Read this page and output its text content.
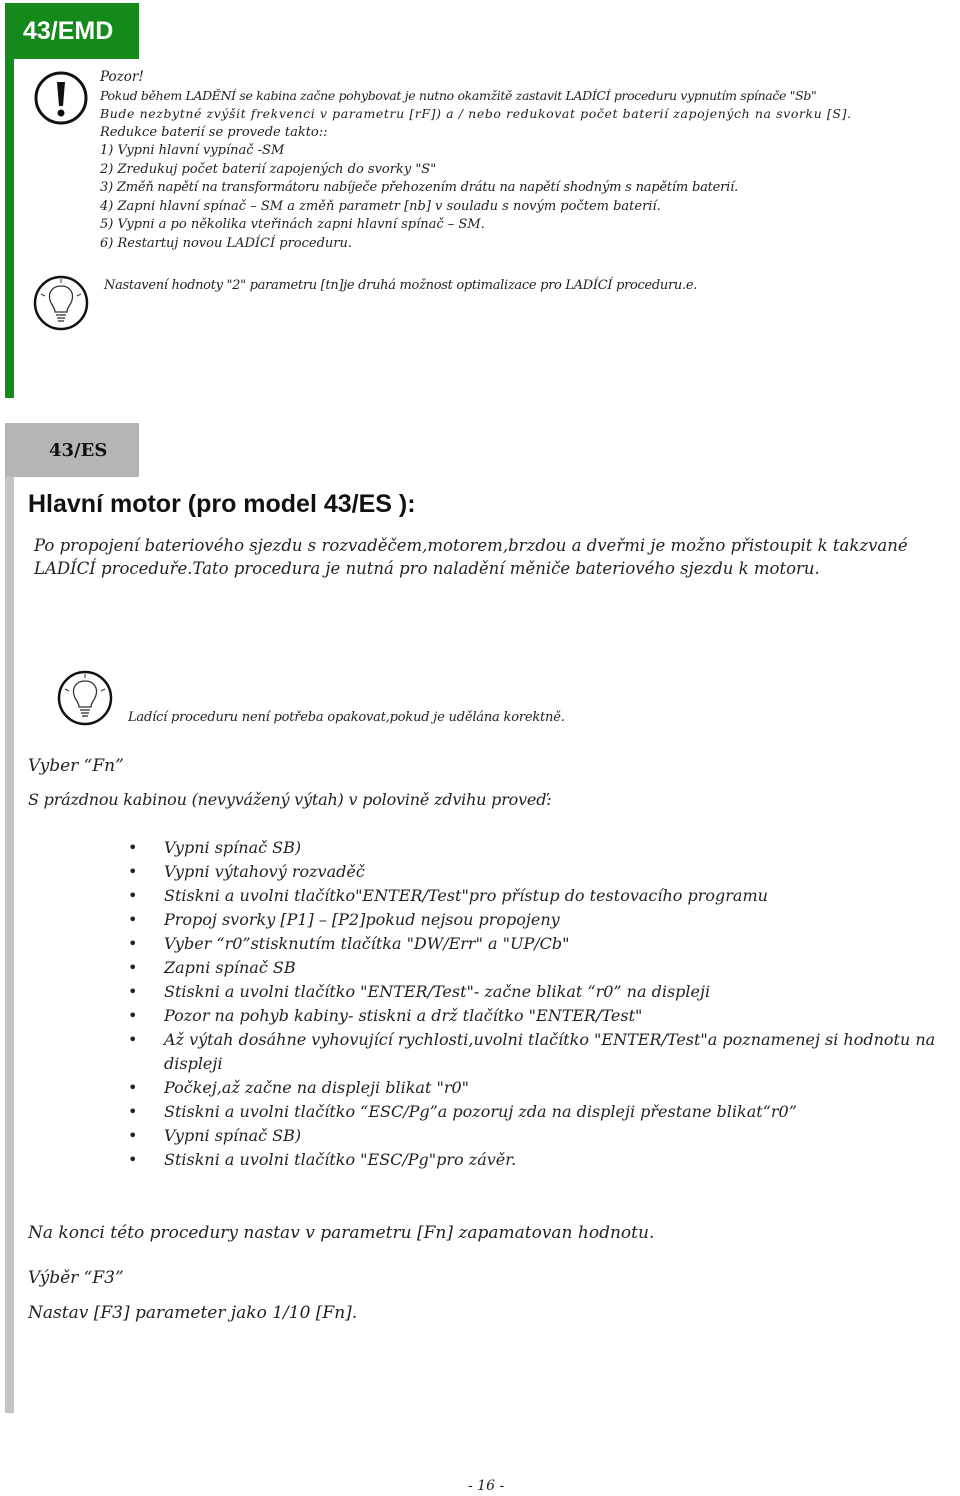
43/EMD
Pozor!
Pokud během LADĚNÍ se kabina začne pohybovat je nutno okamžitě zastavit LADÍCÍ proceduru vypnutím spínače "Sb"
Bude nezbytné zvýšit frekvenci v parametru [rF]) a / nebo redukovat počet baterií zapojených na svorku [S].
Redukce baterií se provede takto::
1) Vypni hlavní vypínač -SM
2) Zredukuj počet baterií zapojených do svorky "S"
3) Změň napětí na transformátoru nabíječe přehozením drátu na napětí shodným s napětím baterií.
4) Zapni hlavní spínač – SM a změň parametr [nb] v souladu s novým počtem baterií.
5) Vypni a po několika vteřinách zapni hlavní spínač – SM.
6) Restartuj novou LADÍCÍ proceduru.
Nastavení hodnoty "2" parametru [tn]je druhá možnost optimalizace pro LADÍCÍ proceduru.e.
43/ES
Hlavní motor (pro model 43/ES ):
Po propojení bateriového sjezdu s rozvaděčem,motorem,brzdou a dveřmi je možno přistoupit k takzvané LADÍCÍ proceduře.Tato procedura je nutná pro naladění měniče bateriového sjezdu k motoru.
Ladící proceduru není potřeba opakovat,pokud je udělána korektně.
Vyber “Fn”
S prázdnou kabinou (nevyvážený výtah) v polovině zdvihu proveď:
• Vypni spínač SB)
• Vypni výtahový rozvaděč
• Stiskni a uvolni tlačítko"ENTER/Test"pro přístup do testovacího programu
• Propoj svorky [P1] – [P2]pokud nejsou propojeny
• Vyber “r0”stisknutím tlačítka "DW/Err" a "UP/Cb"
• Zapni spínač SB
• Stiskni a uvolni tlačítko "ENTER/Test"- začne blikat “r0” na displeji
• Pozor na pohyb kabiny- stiskni a drž tlačítko "ENTER/Test"
• Až výtah dosáhne vyhovující rychlosti,uvolni tlačítko "ENTER/Test"a poznamenej si hodnotu na displeji
• Počkej,až začne na displeji blikat "r0"
• Stiskni a uvolni tlačítko “ESC/Pg”a pozoruj zda na displeji přestane blikat“r0”
• Vypni spínač SB)
• Stiskni a uvolni tlačítko "ESC/Pg"pro závěr.
Na konci této procedury nastav v parametru [Fn] zapamatovan hodnotu.
Výběr “F3”
Nastav [F3] parameter jako 1/10 [Fn].
- 16 -
